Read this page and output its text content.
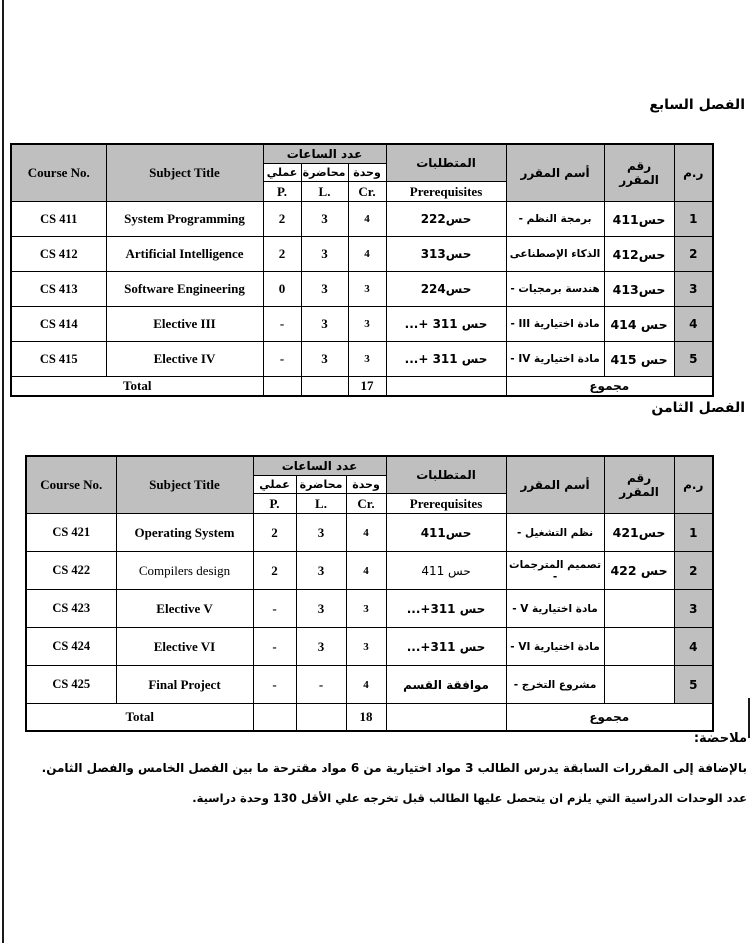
الفصل السابع
Course No.	Subject Title	عدد الساعات			المتطلبات	أسم المقرر	رقم المقرر	ر.م
		عملي	محاضرة	وحدة				
		P.	L.	Cr.	Prerequisites			
CS 411	System Programming	2	3	4	حس222	برمجة النظم -	حس411	1
CS 412	Artificial Intelligence	2	3	4	حس313	الذكاء الإصطناعى	حس412	2
CS 413	Software Engineering	0	3	3	حس224	هندسة برمجيات -	حس413	3
CS 414	Elective III	-	3	3	حس 311 +...	مادة اختيارية III -	حس 414	4
CS 415	Elective IV	-	3	3	حس 311 +...	مادة اختيارية IV -	حس 415	5
Total				17		مجموع		
الفصل الثامن
Course No.	Subject Title	عدد الساعات			المتطلبات	أسم المقرر	رقم المقرر	ر.م
		عملي	محاضرة	وحدة				
		P.	L.	Cr.	Prerequisites			
CS 421	Operating System	2	3	4	حس411	نظم التشغيل -	حس421	1
CS 422	Compilers design	2	3	4	حس 411	تصميم المترجمات -	حس 422	2
CS 423	Elective V	-	3	3	حس 311+...	مادة اختيارية V -		3
CS 424	Elective VI	-	3	3	حس 311+...	مادة اختيارية VI -		4
CS 425	Final Project	-	-	4	موافقة القسم	مشروع التخرج -		5
Total				18		مجموع		

ملاحضة:

بالإضافة إلى المقررات السابقة يدرس الطالب 3 مواد اختيارية من 6 مواد مقترحة ما بين الفصل الخامس والفصل الثامن.

عدد الوحدات الدراسية التي يلزم ان يتحصل عليها الطالب قبل تخرجه علي الأقل 130 وحدة دراسية.
